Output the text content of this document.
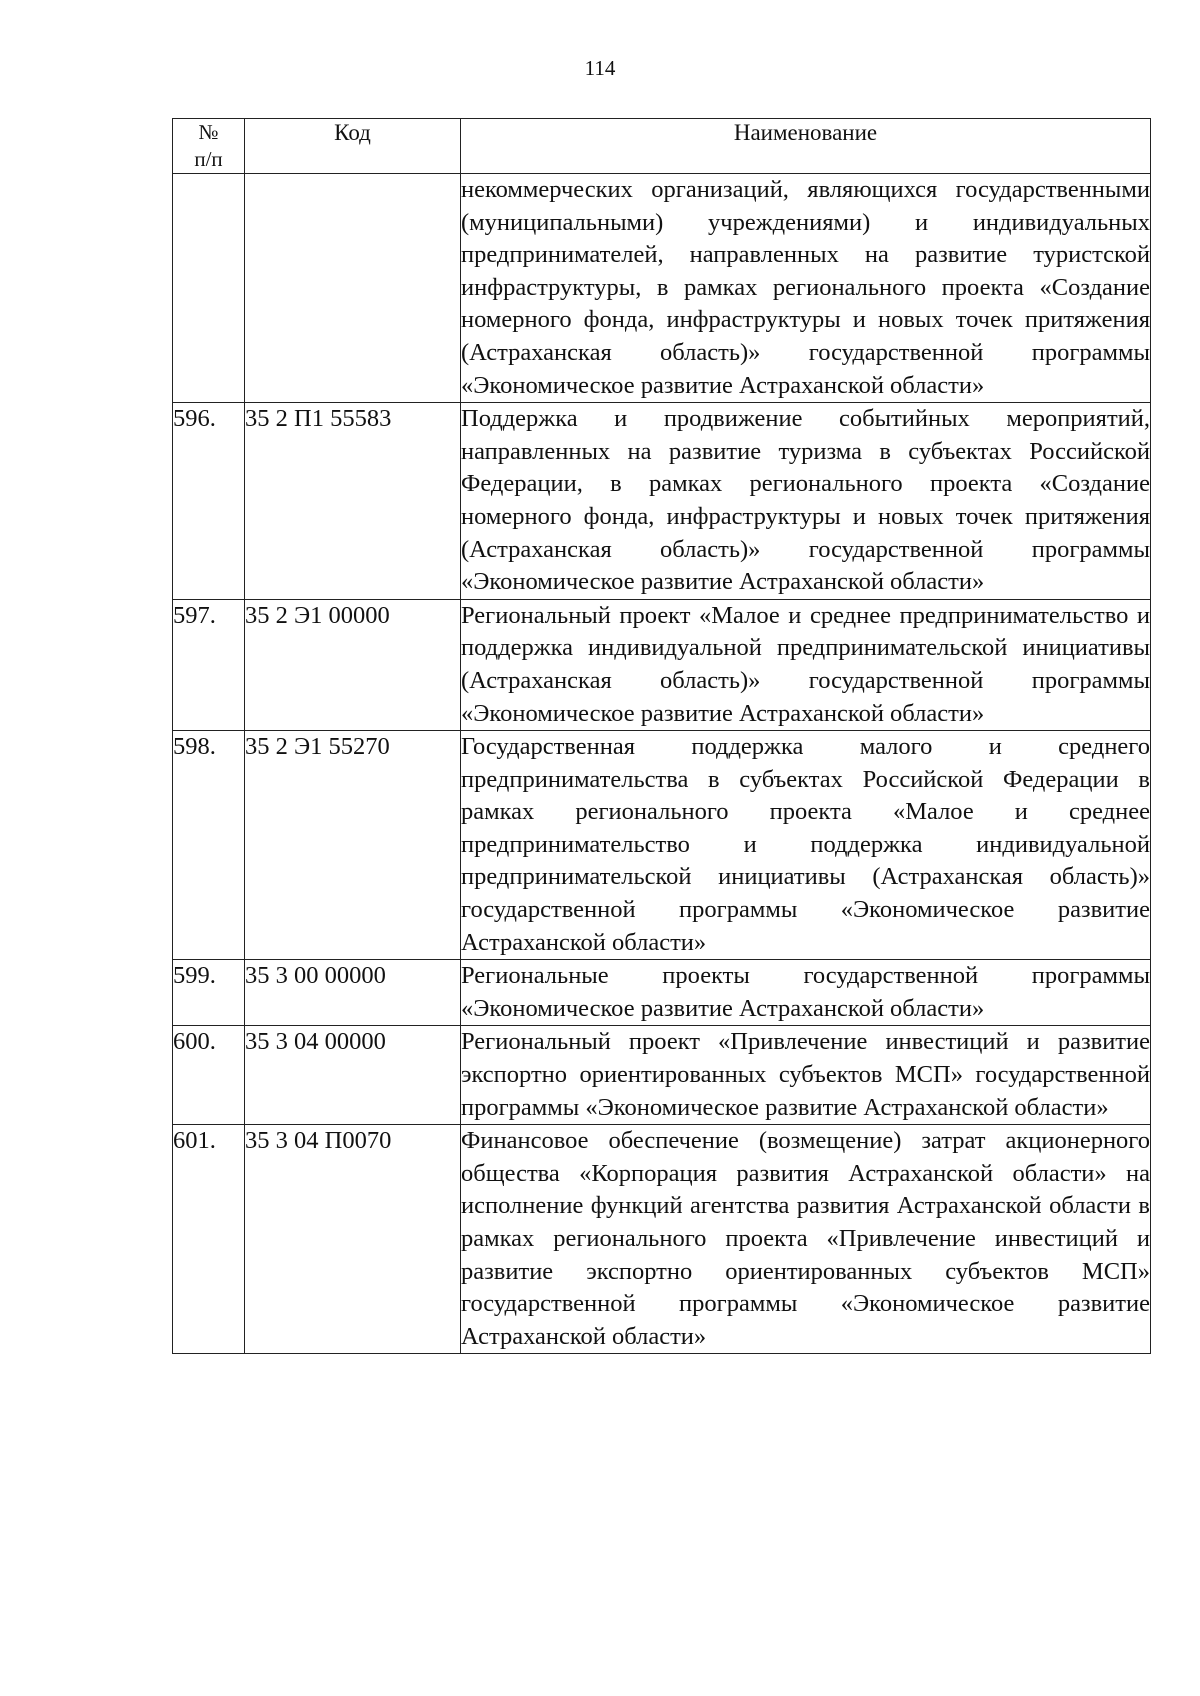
114
№
п/п	Код	Наименование
		некоммерческих организаций, являющихся государственными (муниципальными) учреждениями) и индивидуальных предпринимателей, направленных на развитие туристской инфраструктуры, в рамках регионального проекта «Создание номерного фонда, инфраструктуры и новых точек притяжения (Астраханская область)» государственной программы «Экономическое развитие Астраханской области»
596.	35 2 П1 55583	Поддержка и продвижение событийных мероприятий, направленных на развитие туризма в субъектах Российской Федерации, в рамках регионального проекта «Создание номерного фонда, инфраструктуры и новых точек притяжения (Астраханская область)» государственной программы «Экономическое развитие Астраханской области»
597.	35 2 Э1 00000	Региональный проект «Малое и среднее предпринимательство и поддержка индивидуальной предпринимательской инициативы (Астраханская область)» государственной программы «Экономическое развитие Астраханской области»
598.	35 2 Э1 55270	Государственная поддержка малого и среднего предпринимательства в субъектах Российской Федерации в рамках регионального проекта «Малое и среднее предпринимательство и поддержка индивидуальной предпринимательской инициативы (Астраханская область)» государственной программы «Экономическое развитие Астраханской области»
599.	35 3 00 00000	Региональные проекты государственной программы «Экономическое развитие Астраханской области»
600.	35 3 04 00000	Региональный проект «Привлечение инвестиций и развитие экспортно ориентированных субъектов МСП» государственной программы «Экономическое развитие Астраханской области»
601.	35 3 04 П0070	Финансовое обеспечение (возмещение) затрат акционерного общества «Корпорация развития Астраханской области» на исполнение функций агентства развития Астраханской области в рамках регионального проекта «Привлечение инвестиций и развитие экспортно ориентированных субъектов МСП» государственной программы «Экономическое развитие Астраханской области»
